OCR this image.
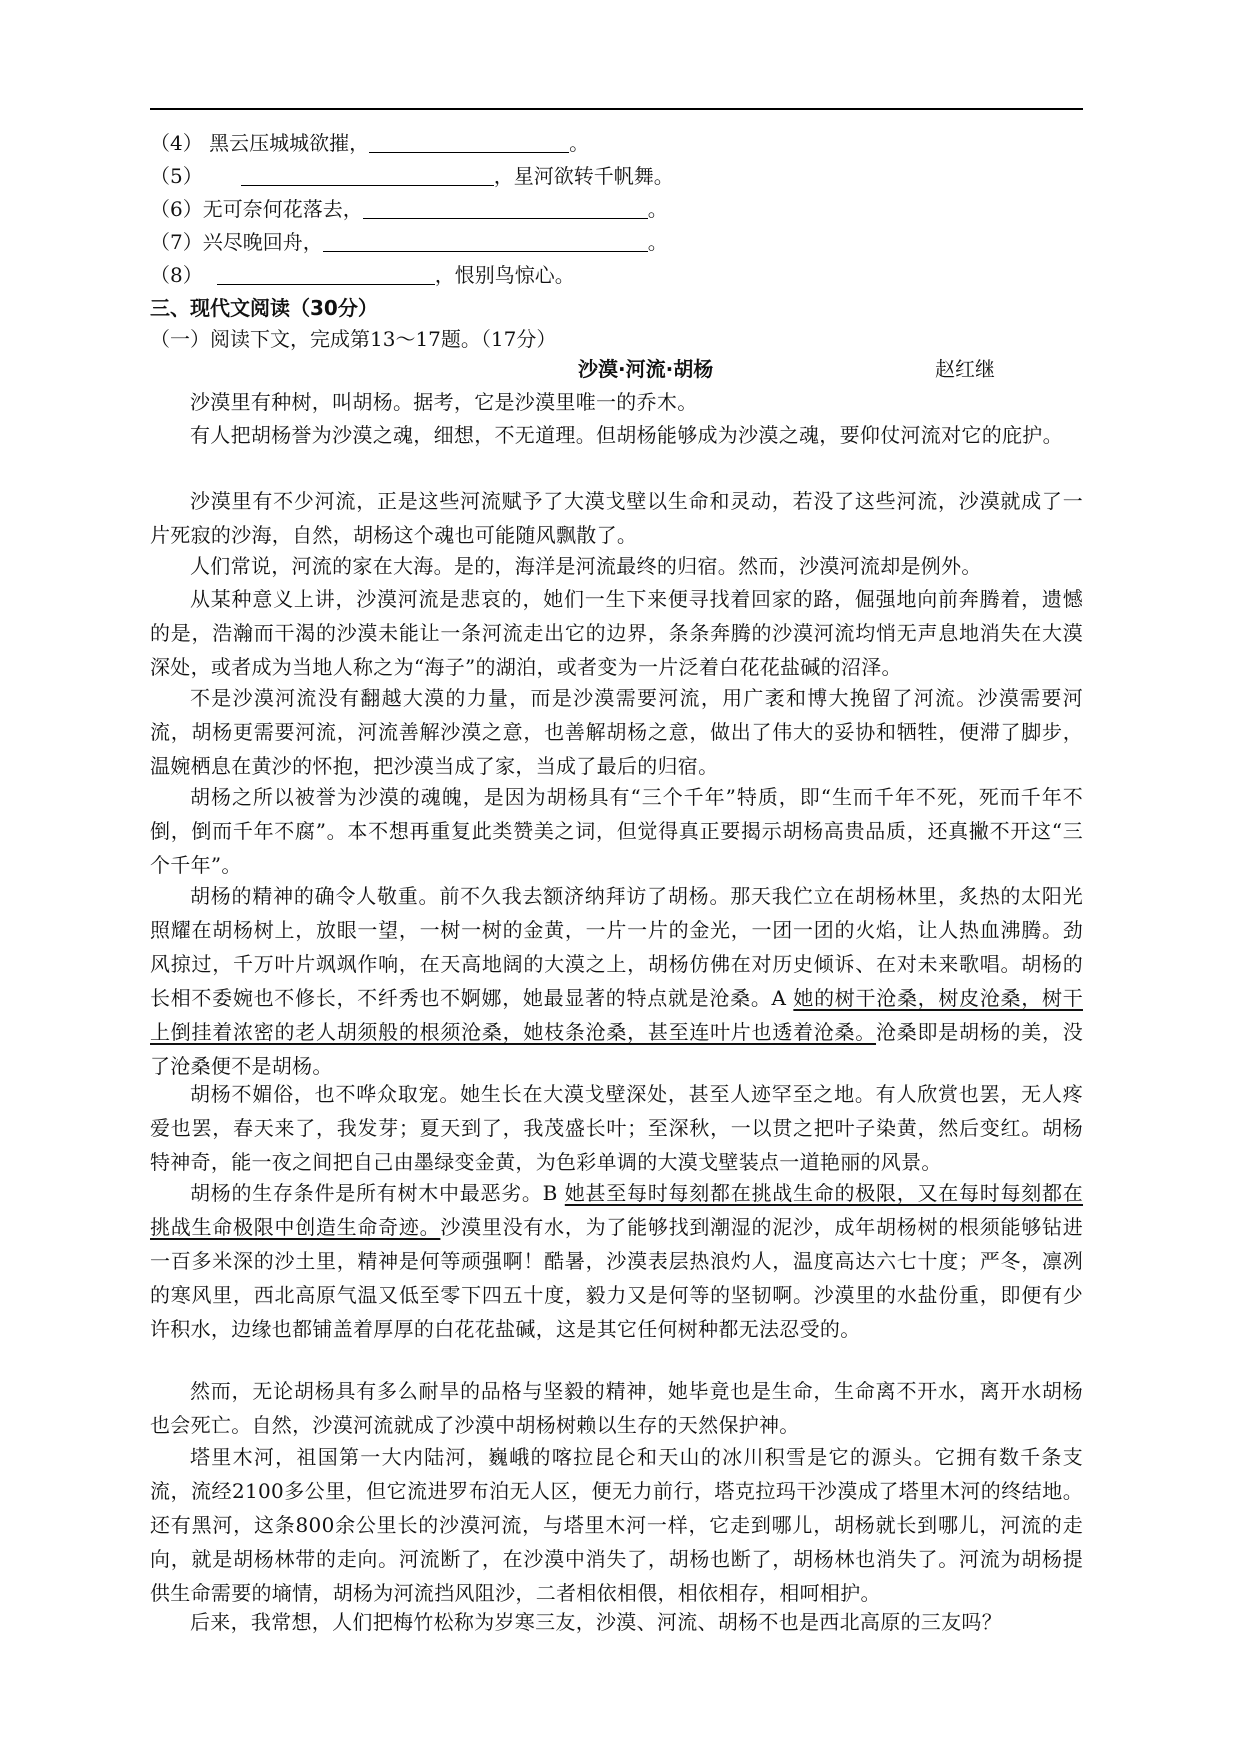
（4） 黑云压城城欲摧，	。
（5）	，星河欲转千帆舞。
（6）无可奈何花落去，	。
（7）兴尽晚回舟，	。
（8）	，恨别鸟惊心。
三、现代文阅读（30分）
（一）阅读下文，完成第13～17题。（17分）
沙漠·河流·胡杨	赵红继

沙漠里有种树，叫胡杨。据考，它是沙漠里唯一的乔木。

有人把胡杨誉为沙漠之魂，细想，不无道理。但胡杨能够成为沙漠之魂，要仰仗河流对它的庇护。

沙漠里有不少河流，正是这些河流赋予了大漠戈壁以生命和灵动，若没了这些河流，沙漠就成了一片死寂的沙海，自然，胡杨这个魂也可能随风飘散了。

人们常说，河流的家在大海。是的，海洋是河流最终的归宿。然而，沙漠河流却是例外。

从某种意义上讲，沙漠河流是悲哀的，她们一生下来便寻找着回家的路，倔强地向前奔腾着，遗憾的是，浩瀚而干渴的沙漠未能让一条河流走出它的边界，条条奔腾的沙漠河流均悄无声息地消失在大漠深处，或者成为当地人称之为“海子”的湖泊，或者变为一片泛着白花花盐碱的沼泽。

不是沙漠河流没有翻越大漠的力量，而是沙漠需要河流，用广袤和博大挽留了河流。沙漠需要河流，胡杨更需要河流，河流善解沙漠之意，也善解胡杨之意，做出了伟大的妥协和牺牲，便滞了脚步，温婉栖息在黄沙的怀抱，把沙漠当成了家，当成了最后的归宿。

胡杨之所以被誉为沙漠的魂魄，是因为胡杨具有“三个千年”特质，即“生而千年不死，死而千年不倒，倒而千年不腐”。本不想再重复此类赞美之词，但觉得真正要揭示胡杨高贵品质，还真撇不开这“三个千年”。

胡杨的精神的确令人敬重。前不久我去额济纳拜访了胡杨。那天我伫立在胡杨林里，炙热的太阳光照耀在胡杨树上，放眼一望，一树一树的金黄，一片一片的金光，一团一团的火焰，让人热血沸腾。劲风掠过，千万叶片飒飒作响，在天高地阔的大漠之上，胡杨仿佛在对历史倾诉、在对未来歌唱。胡杨的长相不委婉也不修长，不纤秀也不婀娜，她最显著的特点就是沧桑。A 她的树干沧桑，树皮沧桑，树干上倒挂着浓密的老人胡须般的根须沧桑，她枝条沧桑，甚至连叶片也透着沧桑。沧桑即是胡杨的美，没了沧桑便不是胡杨。

胡杨不媚俗，也不哗众取宠。她生长在大漠戈壁深处，甚至人迹罕至之地。有人欣赏也罢，无人疼爱也罢，春天来了，我发芽；夏天到了，我茂盛长叶；至深秋，一以贯之把叶子染黄，然后变红。胡杨特神奇，能一夜之间把自己由墨绿变金黄，为色彩单调的大漠戈壁装点一道艳丽的风景。

胡杨的生存条件是所有树木中最恶劣。B 她甚至每时每刻都在挑战生命的极限，又在每时每刻都在挑战生命极限中创造生命奇迹。沙漠里没有水，为了能够找到潮湿的泥沙，成年胡杨树的根须能够钻进一百多米深的沙土里，精神是何等顽强啊！酷暑，沙漠表层热浪灼人，温度高达六七十度；严冬，凛冽的寒风里，西北高原气温又低至零下四五十度，毅力又是何等的坚韧啊。沙漠里的水盐份重，即便有少许积水，边缘也都铺盖着厚厚的白花花盐碱，这是其它任何树种都无法忍受的。

然而，无论胡杨具有多么耐旱的品格与坚毅的精神，她毕竟也是生命，生命离不开水，离开水胡杨也会死亡。自然，沙漠河流就成了沙漠中胡杨树赖以生存的天然保护神。

塔里木河，祖国第一大内陆河，巍峨的喀拉昆仑和天山的冰川积雪是它的源头。它拥有数千条支流，流经2100多公里，但它流进罗布泊无人区，便无力前行，塔克拉玛干沙漠成了塔里木河的终结地。还有黑河，这条800余公里长的沙漠河流，与塔里木河一样，它走到哪儿，胡杨就长到哪儿，河流的走向，就是胡杨林带的走向。河流断了，在沙漠中消失了，胡杨也断了，胡杨林也消失了。河流为胡杨提供生命需要的墒情，胡杨为河流挡风阻沙，二者相依相偎，相依相存，相呵相护。

后来，我常想，人们把梅竹松称为岁寒三友，沙漠、河流、胡杨不也是西北高原的三友吗？
